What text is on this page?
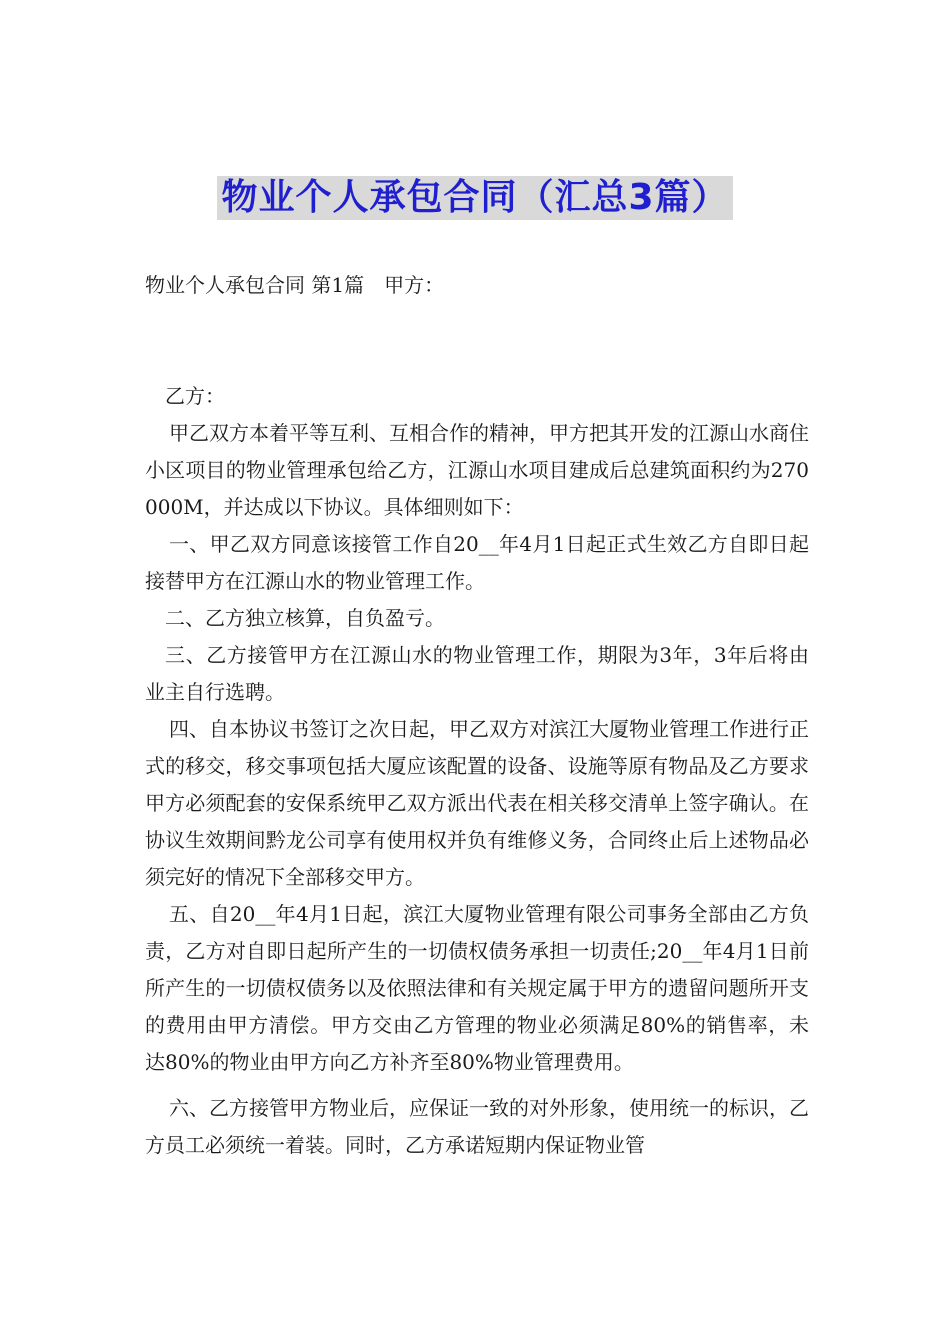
物业个人承包合同（汇总3篇）
物业个人承包合同 第1篇　甲方：

乙方：

甲乙双方本着平等互利、互相合作的精神，甲方把其开发的江源山水商住小区项目的物业管理承包给乙方，江源山水项目建成后总建筑面积约为270000M，并达成以下协议。具体细则如下：

一、甲乙双方同意该接管工作自20__年4月1日起正式生效乙方自即日起接替甲方在江源山水的物业管理工作。

二、乙方独立核算，自负盈亏。

三、乙方接管甲方在江源山水的物业管理工作，期限为3年，3年后将由业主自行选聘。

四、自本协议书签订之次日起，甲乙双方对滨江大厦物业管理工作进行正式的移交，移交事项包括大厦应该配置的设备、设施等原有物品及乙方要求甲方必须配套的安保系统甲乙双方派出代表在相关移交清单上签字确认。在协议生效期间黔龙公司享有使用权并负有维修义务，合同终止后上述物品必须完好的情况下全部移交甲方。

五、自20__年4月1日起，滨江大厦物业管理有限公司事务全部由乙方负责，乙方对自即日起所产生的一切债权债务承担一切责任;20__年4月1日前所产生的一切债权债务以及依照法律和有关规定属于甲方的遗留问题所开支的费用由甲方清偿。甲方交由乙方管理的物业必须满足80%的销售率，未达80%的物业由甲方向乙方补齐至80%物业管理费用。

六、乙方接管甲方物业后，应保证一致的对外形象，使用统一的标识，乙方员工必须统一着装。同时，乙方承诺短期内保证物业管
